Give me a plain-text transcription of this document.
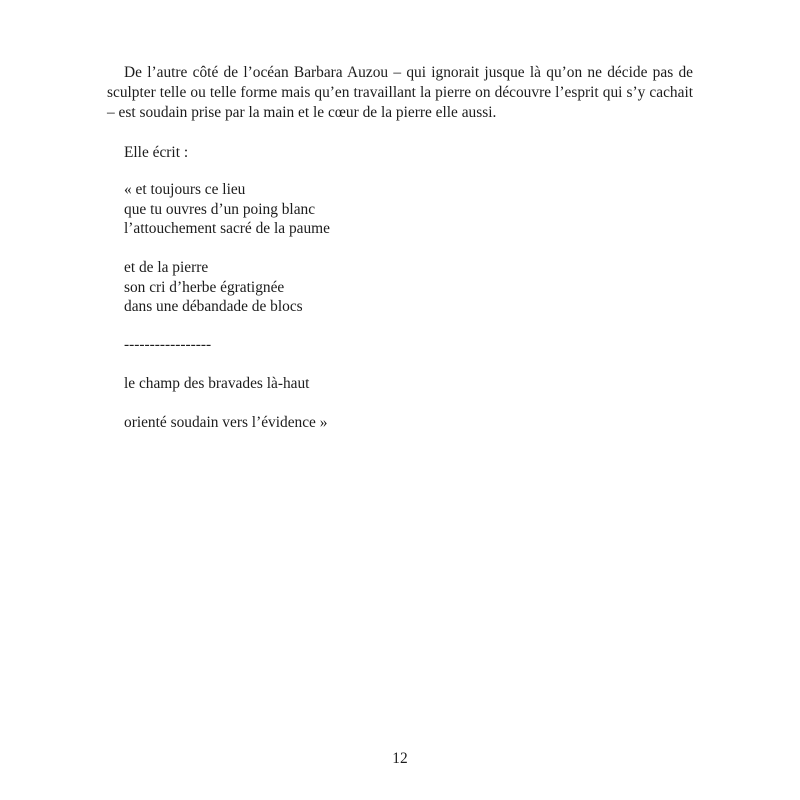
De l’autre côté de l’océan Barbara Auzou – qui ignorait jusque là qu’on ne décide pas de sculpter telle ou telle forme mais qu’en travaillant la pierre on découvre l’esprit qui s’y cachait – est soudain prise par la main et le cœur de la pierre elle aussi.

Elle écrit :

« et toujours ce lieu
que tu ouvres d’un poing blanc
l’attouchement sacré de la paume
et de la pierre
son cri d’herbe égratignée
dans une débandade de blocs

-----------------

le champ des bravades là-haut

orienté soudain vers l’évidence »

12
